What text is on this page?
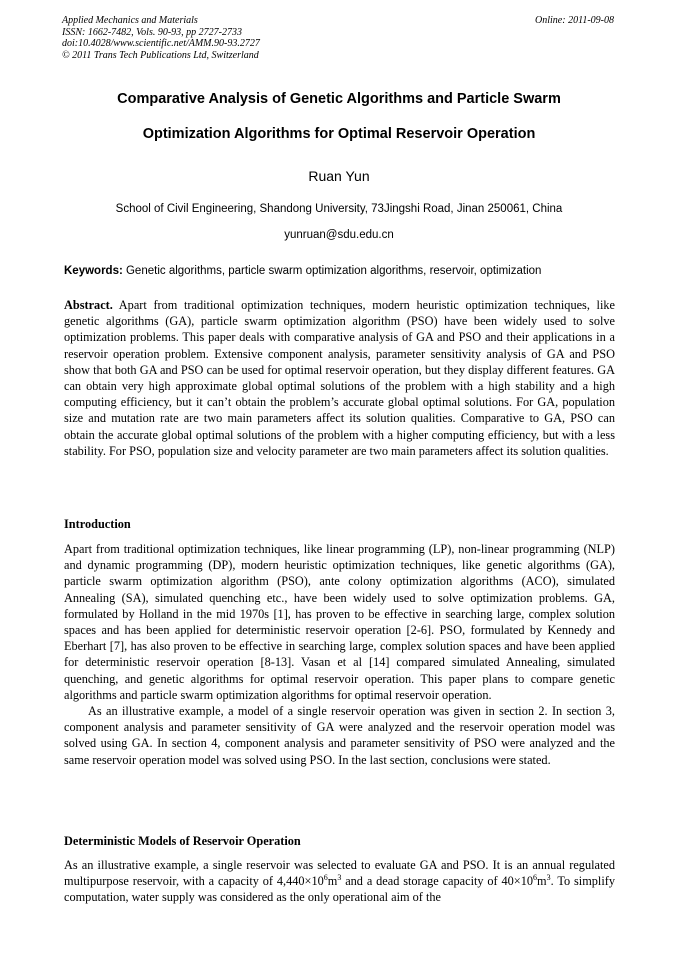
Applied Mechanics and Materials
ISSN: 1662-7482, Vols. 90-93, pp 2727-2733
doi:10.4028/www.scientific.net/AMM.90-93.2727
© 2011 Trans Tech Publications Ltd, Switzerland
Online: 2011-09-08
Comparative Analysis of Genetic Algorithms and Particle Swarm
Optimization Algorithms for Optimal Reservoir Operation
Ruan Yun
School of Civil Engineering, Shandong University, 73Jingshi Road, Jinan 250061, China
yunruan@sdu.edu.cn
Keywords: Genetic algorithms, particle swarm optimization algorithms, reservoir, optimization

Abstract. Apart from traditional optimization techniques, modern heuristic optimization techniques, like genetic algorithms (GA), particle swarm optimization algorithm (PSO) have been widely used to solve optimization problems. This paper deals with comparative analysis of GA and PSO and their applications in a reservoir operation problem. Extensive component analysis, parameter sensitivity analysis of GA and PSO show that both GA and PSO can be used for optimal reservoir operation, but they display different features. GA can obtain very high approximate global optimal solutions of the problem with a high stability and a high computing efficiency, but it can’t obtain the problem’s accurate global optimal solutions. For GA, population size and mutation rate are two main parameters affect its solution qualities. Comparative to GA, PSO can obtain the accurate global optimal solutions of the problem with a higher computing efficiency, but with a less stability. For PSO, population size and velocity parameter are two main parameters affect its solution qualities.

Introduction

Apart from traditional optimization techniques, like linear programming (LP), non-linear programming (NLP) and dynamic programming (DP), modern heuristic optimization techniques, like genetic algorithms (GA), particle swarm optimization algorithm (PSO), ante colony optimization algorithms (ACO), simulated Annealing (SA), simulated quenching etc., have been widely used to solve optimization problems. GA, formulated by Holland in the mid 1970s [1], has proven to be effective in searching large, complex solution spaces and has been applied for deterministic reservoir operation [2-6]. PSO, formulated by Kennedy and Eberhart [7], has also proven to be effective in searching large, complex solution spaces and have been applied for deterministic reservoir operation [8-13]. Vasan et al [14] compared simulated Annealing, simulated quenching, and genetic algorithms for optimal reservoir operation. This paper plans to compare genetic algorithms and particle swarm optimization algorithms for optimal reservoir operation.

As an illustrative example, a model of a single reservoir operation was given in section 2. In section 3, component analysis and parameter sensitivity of GA were analyzed and the reservoir operation model was solved using GA. In section 4, component analysis and parameter sensitivity of PSO were analyzed and the same reservoir operation model was solved using PSO. In the last section, conclusions were stated.

Deterministic Models of Reservoir Operation

As an illustrative example, a single reservoir was selected to evaluate GA and PSO. It is an annual regulated multipurpose reservoir, with a capacity of $4,440\times 10^6m^3$ and a dead storage capacity of $40\times 10^6m^3$. To simplify computation, water supply was considered as the only operational aim of the
